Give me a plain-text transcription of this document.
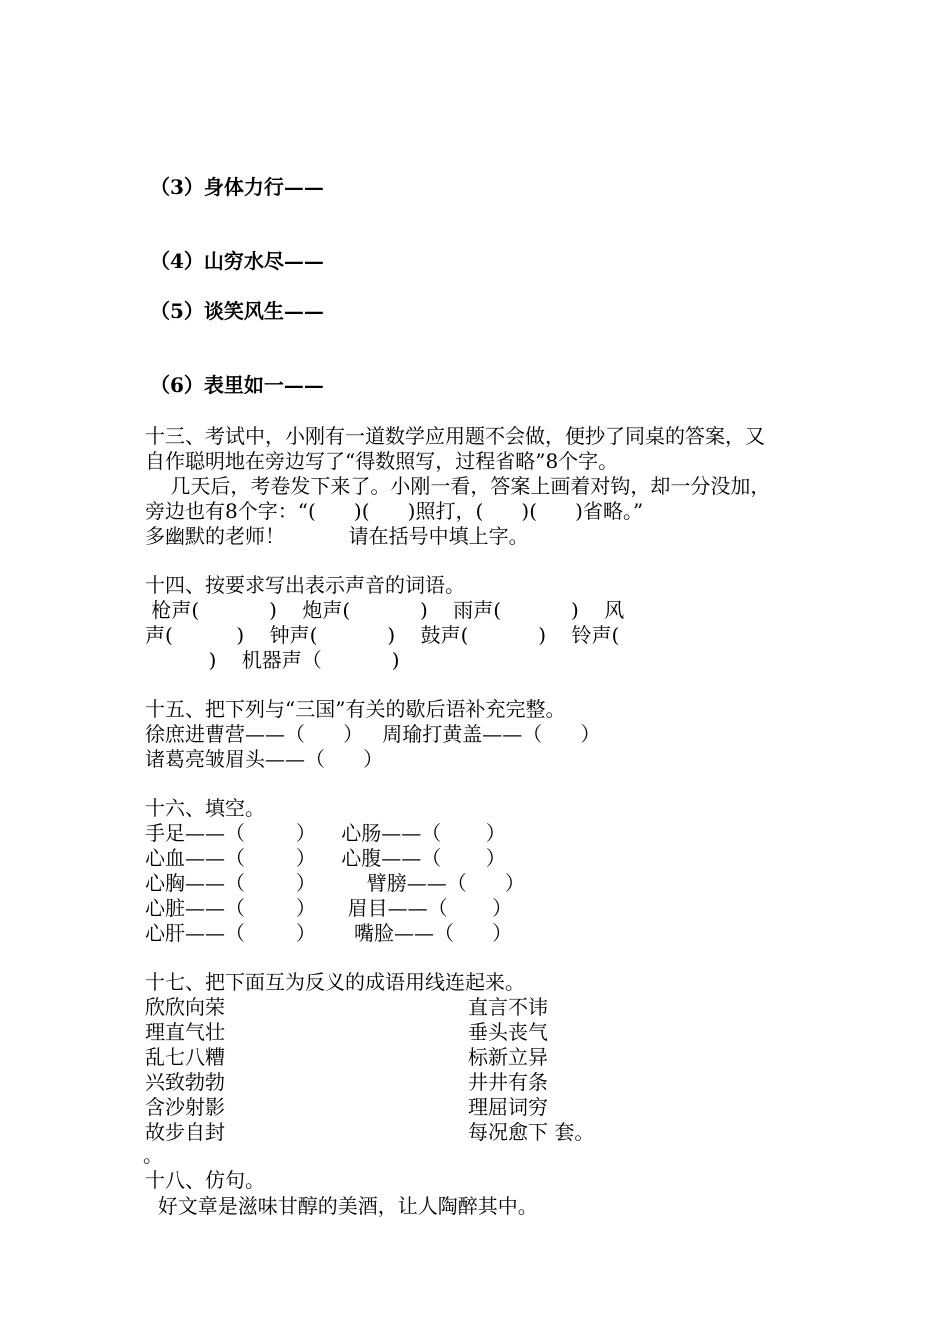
（3）身体力行——
（4）山穷水尽——
（5）谈笑风生——
（6）表里如一——
十三、考试中，小刚有一道数学应用题不会做，便抄了同桌的答案，又
自作聪明地在旁边写了“得数照写，过程省略”8个字。
几天后，考卷发下来了。小刚一看，答案上画着对钩，却一分没加，
旁边也有8个字：“(      )(      )照打，(      )(      )省略。”
多幽默的老师！          请在括号中填上字。
十四、按要求写出表示声音的词语。
枪声(           )    炮声(           )    雨声(           )    风
声(          )    钟声(           )    鼓声(           )    铃声(
)    机器声（           )
十五、把下列与“三国”有关的歇后语补充完整。
徐庶进曹营——（      ）   周瑜打黄盖——（      ）
诸葛亮皱眉头——（      ）
十六、填空。
手足——（        ）    心肠——（       ）
心血——（        ）    心腹——（       ）
心胸——（        ）        臂膀——（      ）
心脏——（        ）     眉目——（       ）
心肝——（        ）      嘴脸——（      ）
十七、把下面互为反义的成语用线连起来。
欣欣向荣	直言不讳
理直气壮	垂头丧气
乱七八糟	标新立异
兴致勃勃	井井有条
含沙射影	理屈词穷
故步自封	每况愈下 套。
。
十八、仿句。
好文章是滋味甘醇的美酒，让人陶醉其中。
